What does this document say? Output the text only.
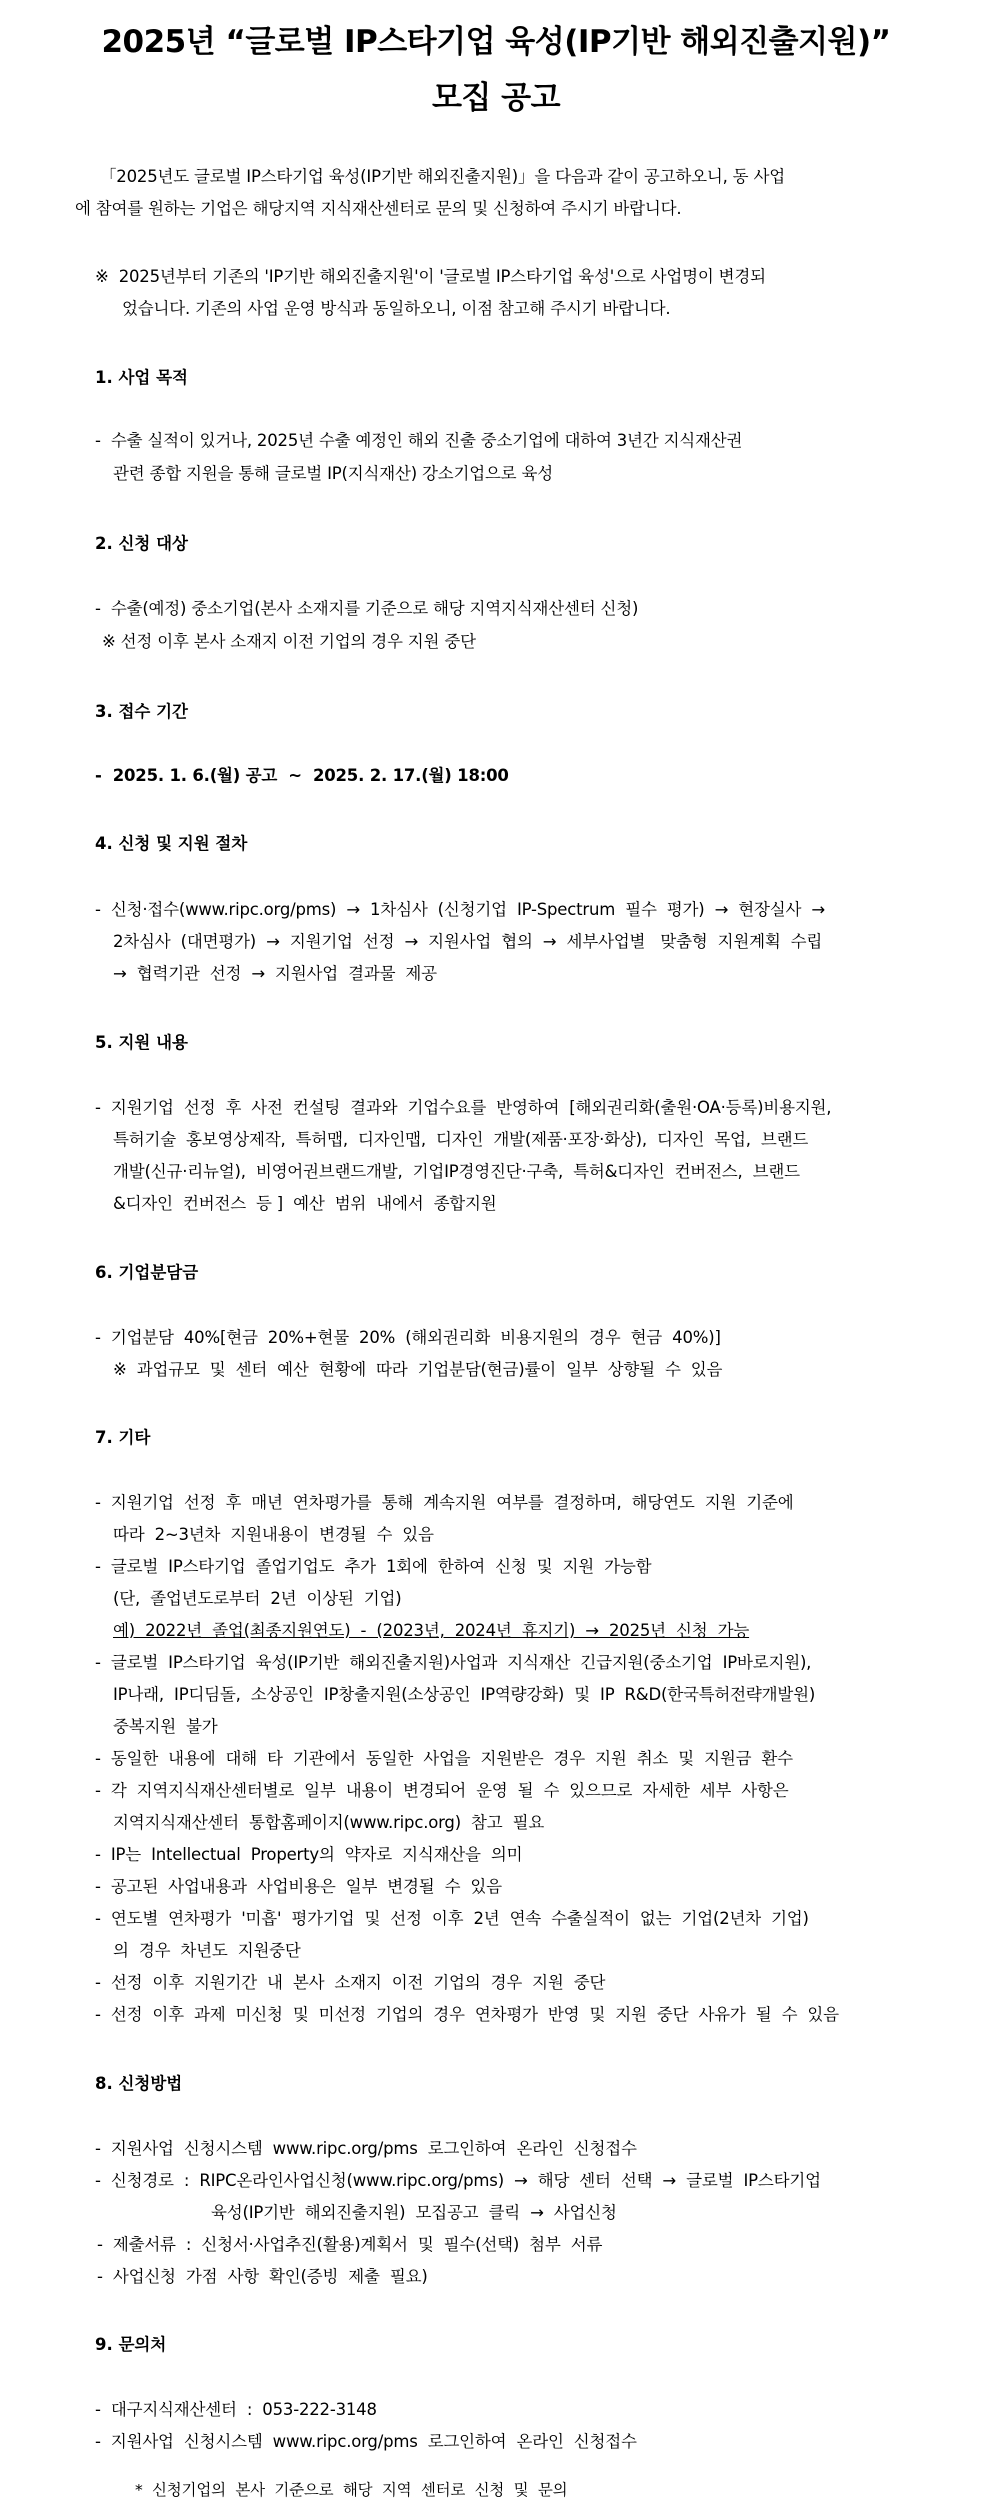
2025년 “글로벌 IP스타기업 육성(IP기반 해외진출지원)”
모집 공고
「2025년도 글로벌 IP스타기업 육성(IP기반 해외진출지원)」을 다음과 같이 공고하오니, 동 사업
에 참여를 원하는 기업은 해당지역 지식재산센터로 문의 및 신청하여 주시기 바랍니다.
※  2025년부터 기존의 'IP기반 해외진출지원'이 '글로벌 IP스타기업 육성'으로 사업명이 변경되
었습니다. 기존의 사업 운영 방식과 동일하오니, 이점 참고해 주시기 바랍니다.
1. 사업 목적
-  수출 실적이 있거나, 2025년 수출 예정인 해외 진출 중소기업에 대하여 3년간 지식재산권
관련 종합 지원을 통해 글로벌 IP(지식재산) 강소기업으로 육성
2. 신청 대상
-  수출(예정) 중소기업(본사 소재지를 기준으로 해당 지역지식재산센터 신청)
※ 선정 이후 본사 소재지 이전 기업의 경우 지원 중단
3. 접수 기간
-  2025. 1. 6.(월) 공고  ~  2025. 2. 17.(월) 18:00
4. 신청 및 지원 절차
-  신청·접수(www.ripc.org/pms)  →  1차심사  (신청기업  IP-Spectrum  필수  평가)  →  현장실사  →
2차심사  (대면평가)  →  지원기업  선정  →  지원사업  협의  →  세부사업별   맞춤형  지원계획  수립
→  협력기관  선정  →  지원사업  결과물  제공
5. 지원 내용
-  지원기업  선정  후  사전  컨설팅  결과와  기업수요를  반영하여  [해외권리화(출원·OA·등록)비용지원,
특허기술  홍보영상제작,  특허맵,  디자인맵,  디자인  개발(제품·포장·화상),  디자인  목업,  브랜드
개발(신규·리뉴얼),  비영어권브랜드개발,  기업IP경영진단·구축,  특허&디자인  컨버전스,  브랜드
&디자인  컨버전스  등 ]  예산  범위  내에서  종합지원
6. 기업분담금
-  기업분담  40%[현금  20%+현물  20%  (해외권리화  비용지원의  경우  현금  40%)]
※  과업규모  및  센터  예산  현황에  따라  기업분담(현금)률이  일부  상향될  수  있음
7. 기타
-  지원기업  선정  후  매년  연차평가를  통해  계속지원  여부를  결정하며,  해당연도  지원  기준에
따라  2~3년차  지원내용이  변경될  수  있음
-  글로벌  IP스타기업  졸업기업도  추가  1회에  한하여  신청  및  지원  가능함
(단,  졸업년도로부터  2년  이상된  기업)
예)  2022년  졸업(최종지원연도)  -  (2023년,  2024년  휴지기)  →  2025년  신청  가능
-  글로벌  IP스타기업  육성(IP기반  해외진출지원)사업과  지식재산  긴급지원(중소기업  IP바로지원),
IP나래,  IP디딤돌,  소상공인  IP창출지원(소상공인  IP역량강화)  및  IP  R&D(한국특허전략개발원)
중복지원  불가
-  동일한  내용에  대해  타  기관에서  동일한  사업을  지원받은  경우  지원  취소  및  지원금  환수
-  각  지역지식재산센터별로  일부  내용이  변경되어  운영  될  수  있으므로  자세한  세부  사항은
지역지식재산센터  통합홈페이지(www.ripc.org)  참고  필요
-  IP는  Intellectual  Property의  약자로  지식재산을  의미
-  공고된  사업내용과  사업비용은  일부  변경될  수  있음
-  연도별  연차평가  '미흡'  평가기업  및  선정  이후  2년  연속  수출실적이  없는  기업(2년차  기업)
의  경우  차년도  지원중단
-  선정  이후  지원기간  내  본사  소재지  이전  기업의  경우  지원  중단
-  선정  이후  과제  미신청  및  미선정  기업의  경우  연차평가  반영  및  지원  중단  사유가  될  수  있음
8. 신청방법
-  지원사업  신청시스템  www.ripc.org/pms  로그인하여  온라인  신청접수
-  신청경로  :  RIPC온라인사업신청(www.ripc.org/pms)  →  해당  센터  선택  →  글로벌  IP스타기업
육성(IP기반  해외진출지원)  모집공고  클릭  →  사업신청
-  제출서류  :  신청서·사업추진(활용)계획서  및  필수(선택)  첨부  서류
-  사업신청  가점  사항  확인(증빙  제출  필요)
9. 문의처
-  대구지식재산센터  :  053-222-3148
-  지원사업  신청시스템  www.ripc.org/pms  로그인하여  온라인  신청접수
*  신청기업의  본사  기준으로  해당  지역  센터로  신청  및  문의
